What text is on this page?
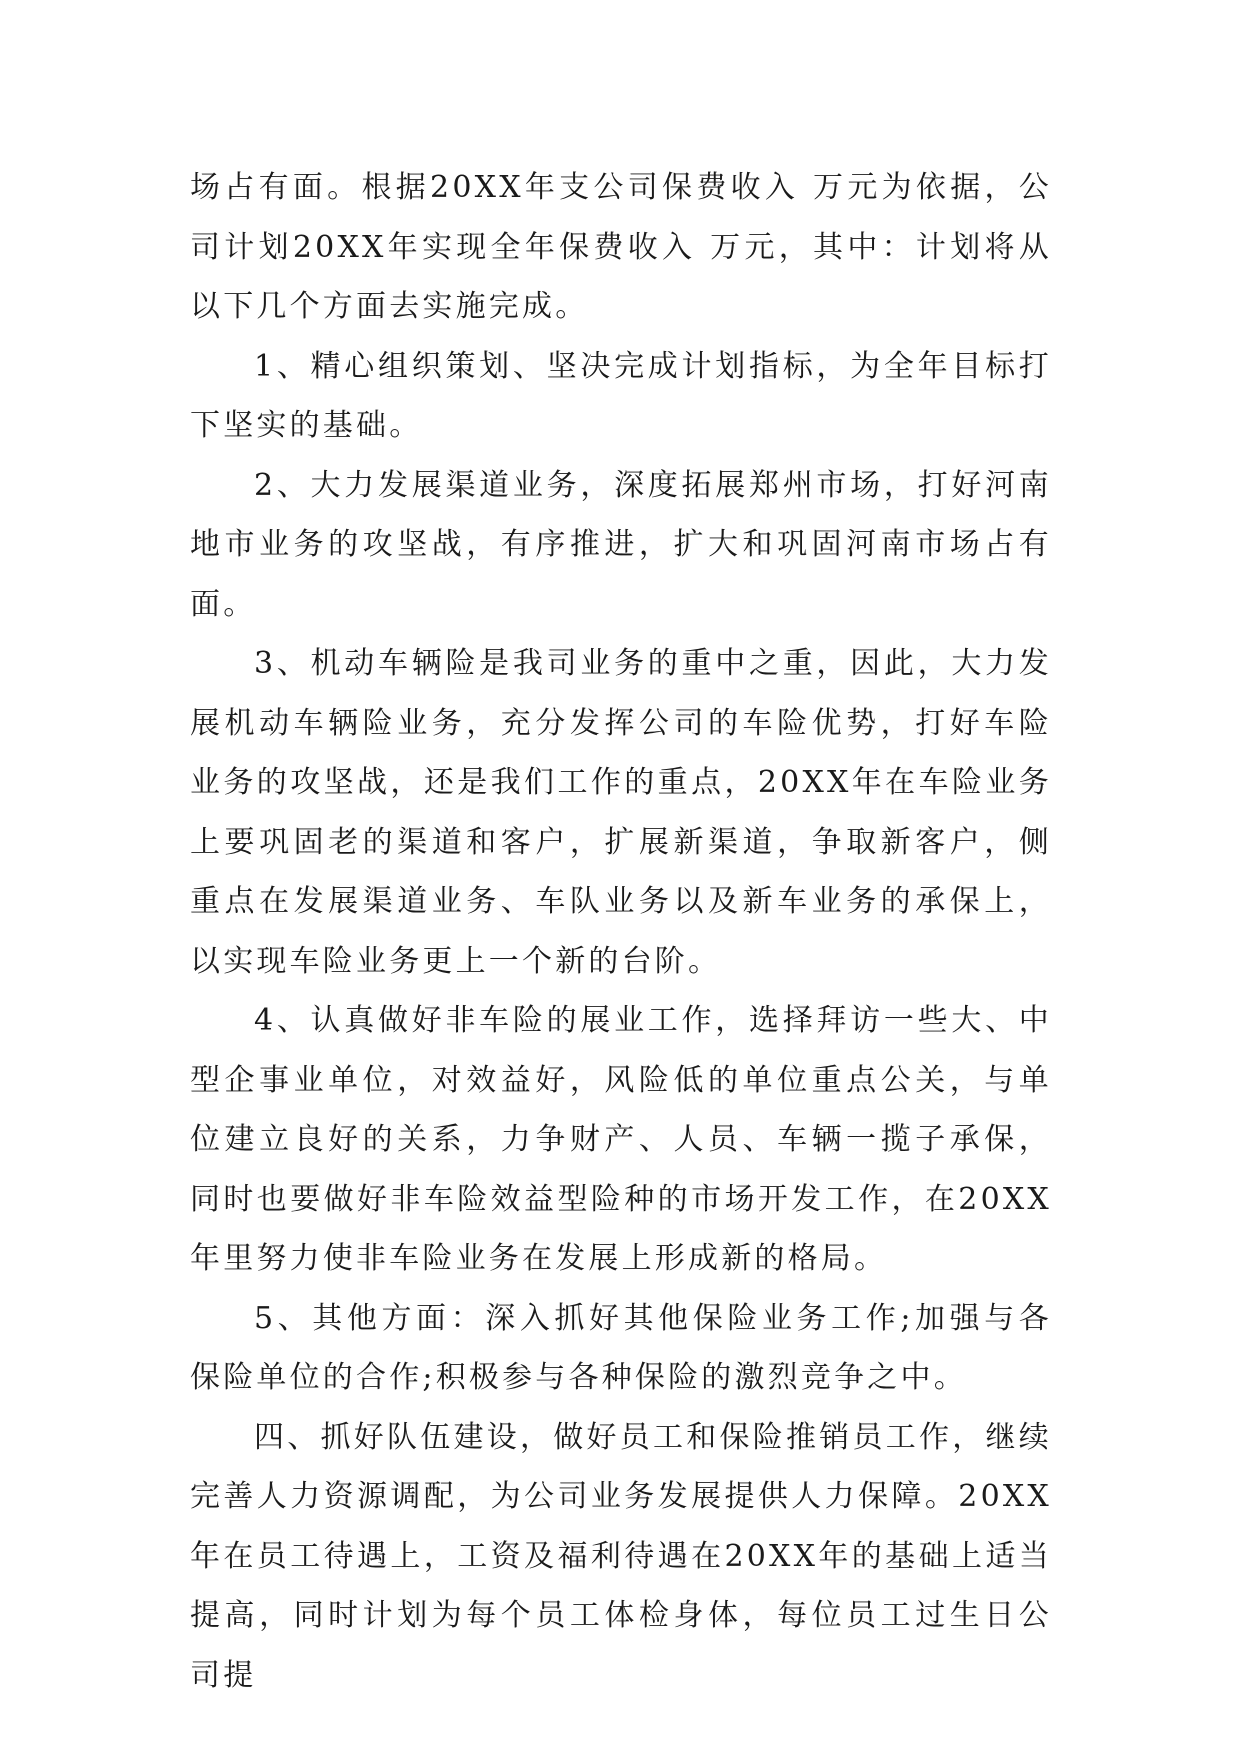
场占有面。根据20XX年支公司保费收入 万元为依据，公司计划20XX年实现全年保费收入 万元，其中：计划将从以下几个方面去实施完成。

1、精心组织策划、坚决完成计划指标，为全年目标打下坚实的基础。

2、大力发展渠道业务，深度拓展郑州市场，打好河南地市业务的攻坚战，有序推进，扩大和巩固河南市场占有面。

3、机动车辆险是我司业务的重中之重，因此，大力发展机动车辆险业务，充分发挥公司的车险优势，打好车险业务的攻坚战，还是我们工作的重点，20XX年在车险业务上要巩固老的渠道和客户，扩展新渠道，争取新客户，侧重点在发展渠道业务、车队业务以及新车业务的承保上，以实现车险业务更上一个新的台阶。

4、认真做好非车险的展业工作，选择拜访一些大、中型企事业单位，对效益好，风险低的单位重点公关，与单位建立良好的关系，力争财产、人员、车辆一揽子承保，同时也要做好非车险效益型险种的市场开发工作，在20XX年里努力使非车险业务在发展上形成新的格局。

5、其他方面：深入抓好其他保险业务工作;加强与各保险单位的合作;积极参与各种保险的激烈竞争之中。

四、抓好队伍建设，做好员工和保险推销员工作，继续完善人力资源调配，为公司业务发展提供人力保障。20XX年在员工待遇上，工资及福利待遇在20XX年的基础上适当提高，同时计划为每个员工体检身体，每位员工过生日公司提
